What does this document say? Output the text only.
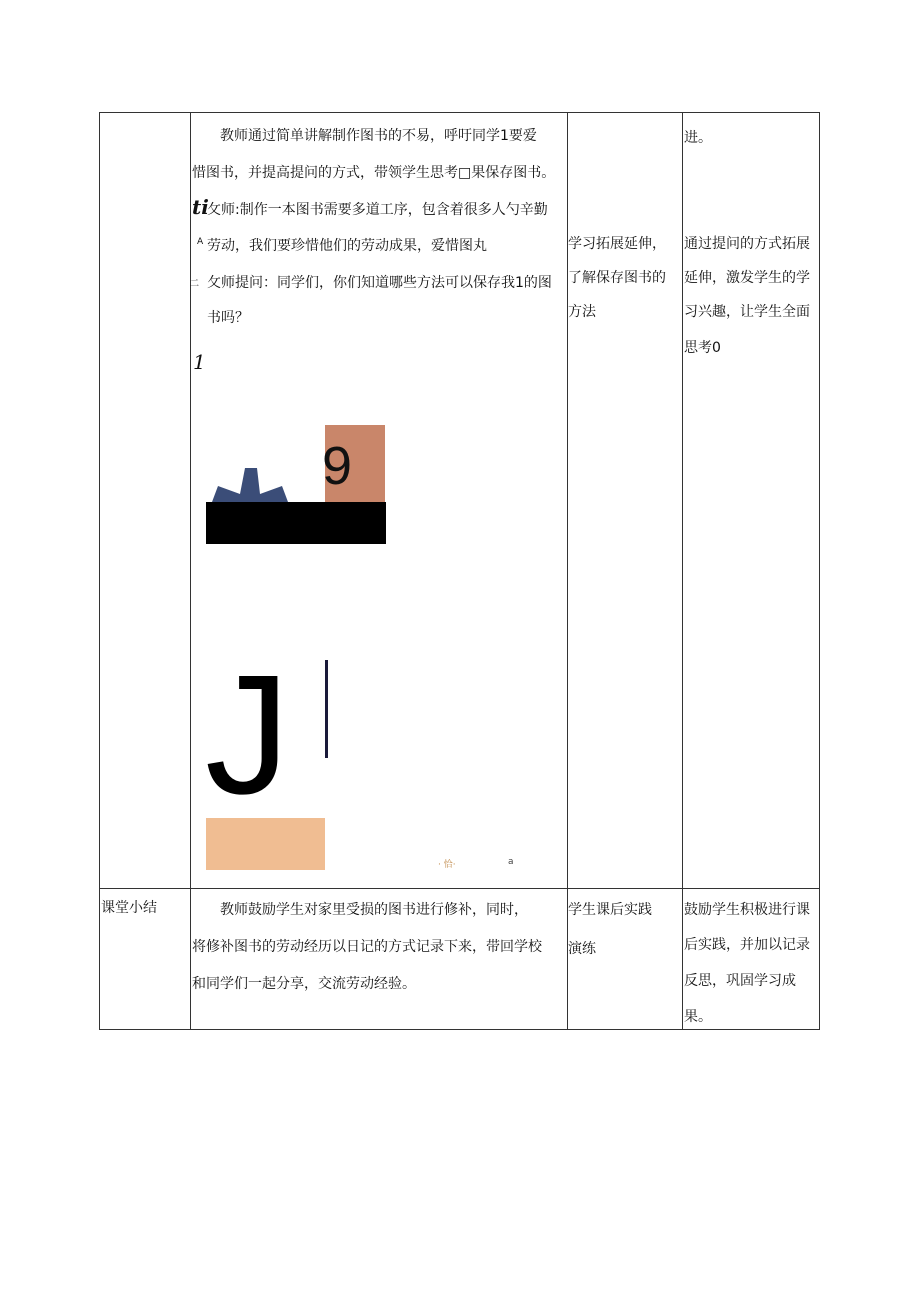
教师通过简单讲解制作图书的不易，呼吁同学1要爱
惜图书，并提高提问的方式，带领学生思考□果保存图书。
攵师:制作一本图书需要多道工序，包含着很多人勺辛勤
劳动，我们要珍惜他们的劳动成果，爱惜图丸
攵师提问：同学们，你们知道哪些方法可以保存我1的图
书吗？
ti
A
二
1
9
J
· 恰·	a
学习拓展延伸，
了解保存图书的
方法
进。
通过提问的方式拓展
延伸，激发学生的学
习兴趣，让学生全面
思考0
课堂小结	教师鼓励学生对家里受损的图书进行修补，同时，
将修补图书的劳动经历以日记的方式记录下来，带回学校
和同学们一起分享，交流劳动经验。
学生课后实践
演练
鼓励学生积极进行课
后实践，并加以记录
反思，巩固学习成
果。
